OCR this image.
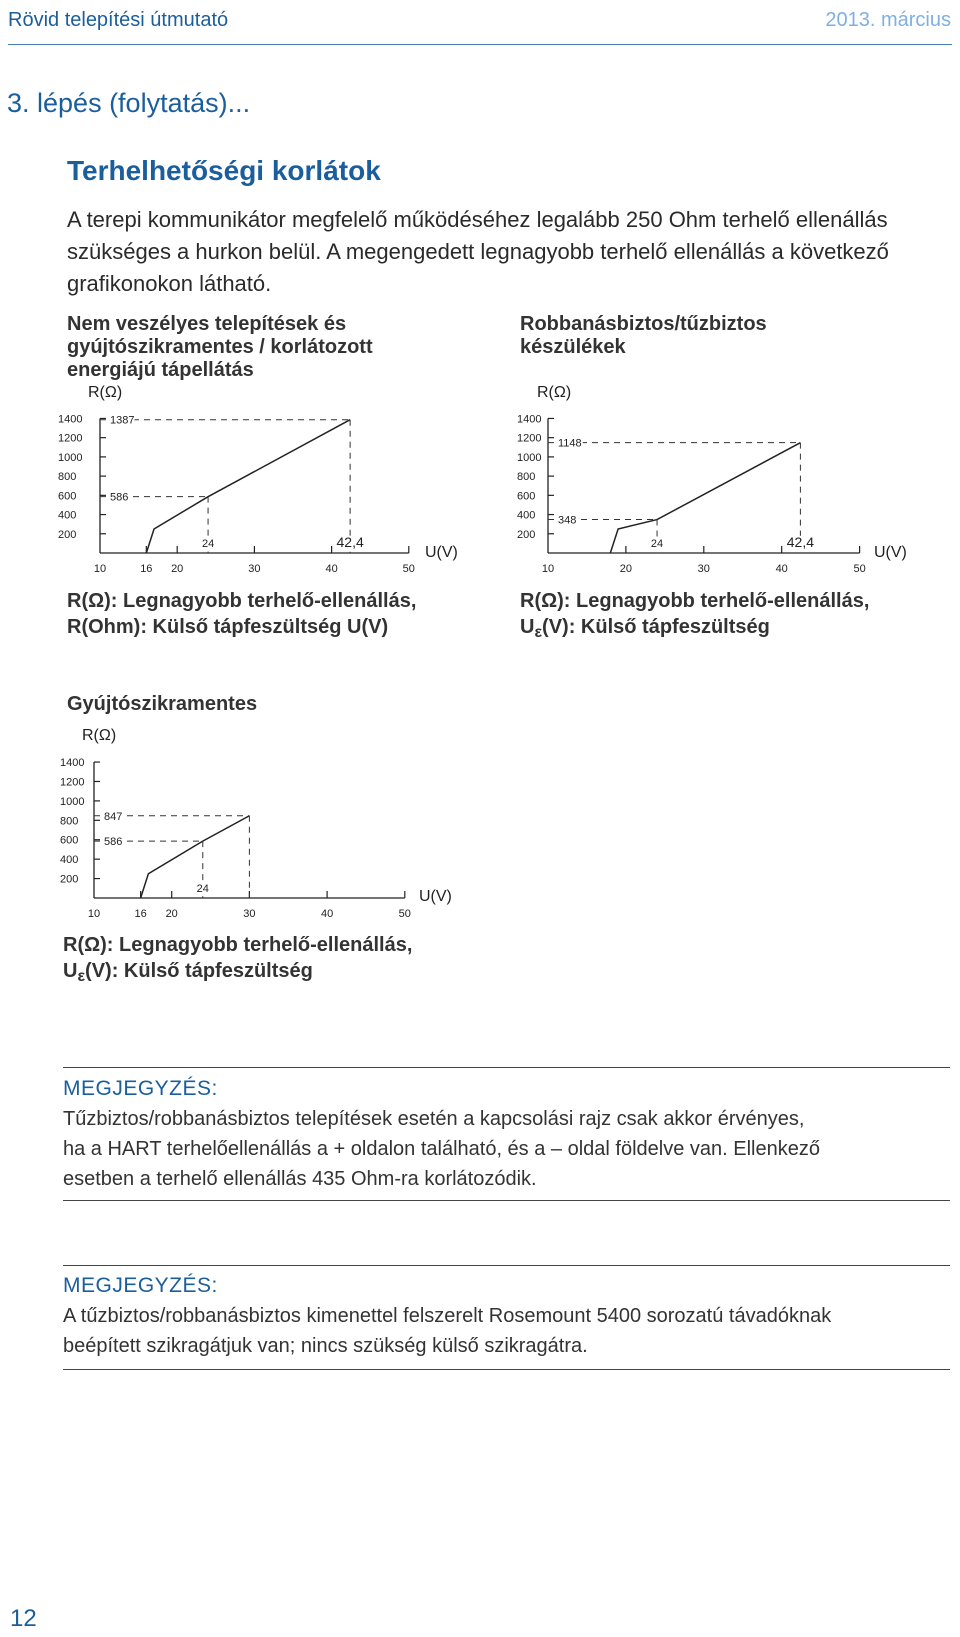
Rövid telepítési útmutató	2013. március
3. lépés (folytatás)...
Terhelhetőségi korlátok
A terepi kommunikátor megfelelő működéséhez legalább 250 Ohm terhelő ellenállás szükséges a hurkon belül. A megengedett legnagyobb terhelő ellenállás a következő grafikonokon látható.
Nem veszélyes telepítések és
gyújtószikramentes / korlátozott
energiájú tápellátás
R(Ω): Legnagyobb terhelő-ellenállás,
R(Ohm): Külső tápfeszültség U(V)
Robbanásbiztos/tűzbiztos
készülékek
R(Ω): Legnagyobb terhelő-ellenállás,
$U_\varepsilon(V)$: Külső tápfeszültség
Gyújtószikramentes
R(Ω): Legnagyobb terhelő-ellenállás,
$U_\varepsilon(V)$: Külső tápfeszültség
200
400
600
800
1000
1200
1400
10	16 20	30	40	50
R(Ω)
U(V)
1387
586
24	42,4	200
400
600
800
1000
1200
1400
10	20	30	40	50
R(Ω)
U(V)
1148
348
24	42,4
200
400
600
800
1000
1200
1400
10	16 20	30	40	50
R(Ω)
U(V)
847
586
24
MEGJEGYZÉS:
Tűzbiztos/robbanásbiztos telepítések esetén a kapcsolási rajz csak akkor érvényes,
ha a HART terhelőellenállás a + oldalon található, és a – oldal földelve van. Ellenkező
esetben a terhelő ellenállás 435 Ohm-ra korlátozódik.
MEGJEGYZÉS:
A tűzbiztos/robbanásbiztos kimenettel felszerelt Rosemount 5400 sorozatú távadóknak
beépített szikragátjuk van; nincs szükség külső szikragátra.
12
